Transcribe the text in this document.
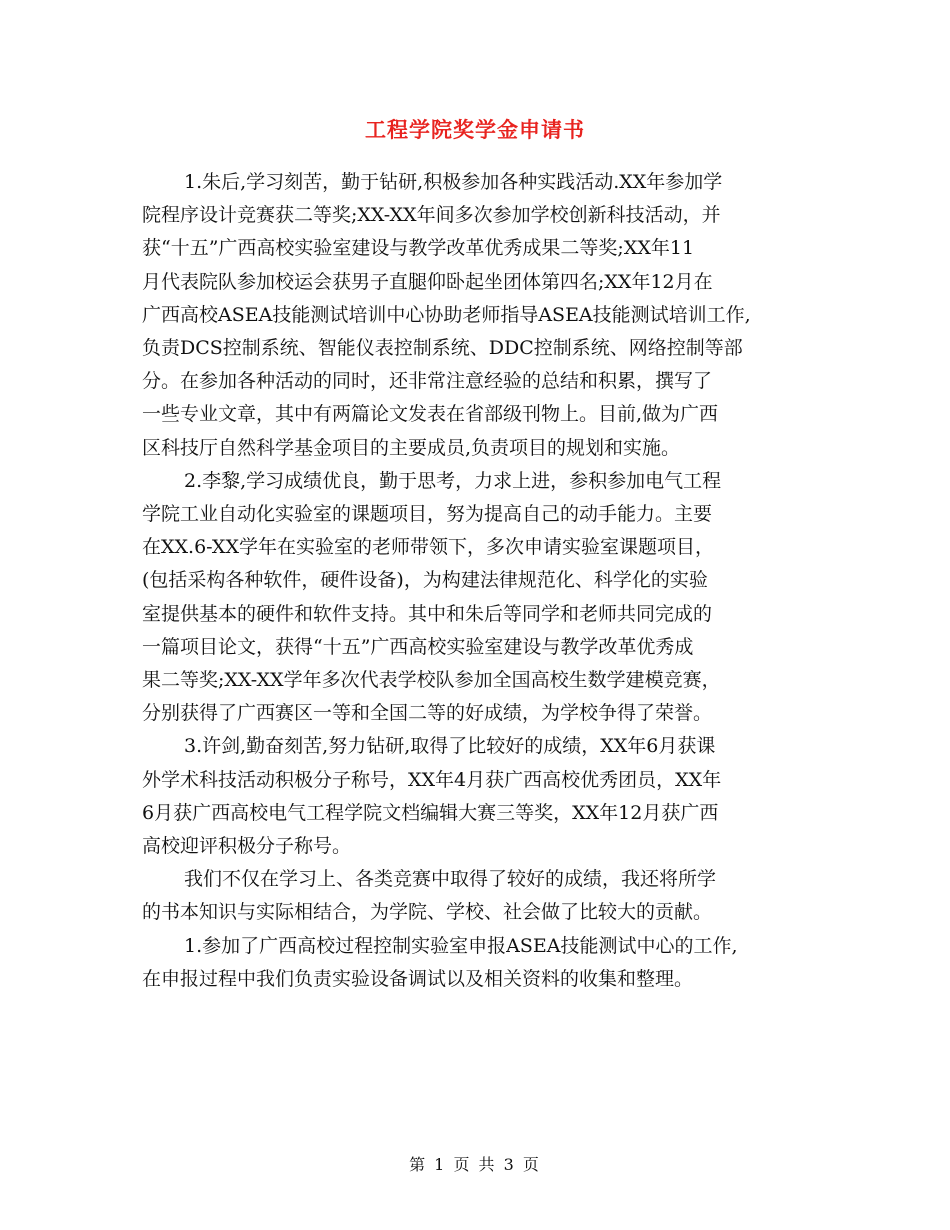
工程学院奖学金申请书

1.朱后,学习刻苦，勤于钻研,积极参加各种实践活动.XX年参加学
院程序设计竞赛获二等奖;XX-XX年间多次参加学校创新科技活动，并
获“十五”广西高校实验室建设与教学改革优秀成果二等奖;XX年11
月代表院队参加校运会获男子直腿仰卧起坐团体第四名;XX年12月在
广西高校ASEA技能测试培训中心协助老师指导ASEA技能测试培训工作,
负责DCS控制系统、智能仪表控制系统、DDC控制系统、网络控制等部
分。在参加各种活动的同时，还非常注意经验的总结和积累，撰写了
一些专业文章，其中有两篇论文发表在省部级刊物上。目前,做为广西
区科技厅自然科学基金项目的主要成员,负责项目的规划和实施。

2.李黎,学习成绩优良，勤于思考，力求上进，参积参加电气工程
学院工业自动化实验室的课题项目，努为提高自己的动手能力。主要
在XX.6-XX学年在实验室的老师带领下，多次申请实验室课题项目，
(包括采构各种软件，硬件设备)，为构建法律规范化、科学化的实验
室提供基本的硬件和软件支持。其中和朱后等同学和老师共同完成的
一篇项目论文，获得“十五”广西高校实验室建设与教学改革优秀成
果二等奖;XX-XX学年多次代表学校队参加全国高校生数学建模竞赛，
分别获得了广西赛区一等和全国二等的好成绩，为学校争得了荣誉。

3.许剑,勤奋刻苦,努力钻研,取得了比较好的成绩，XX年6月获课
外学术科技活动积极分子称号，XX年4月获广西高校优秀团员，XX年
6月获广西高校电气工程学院文档编辑大赛三等奖，XX年12月获广西
高校迎评积极分子称号。

我们不仅在学习上、各类竞赛中取得了较好的成绩，我还将所学
的书本知识与实际相结合，为学院、学校、社会做了比较大的贡献。

1.参加了广西高校过程控制实验室申报ASEA技能测试中心的工作,
在申报过程中我们负责实验设备调试以及相关资料的收集和整理。

第 1 页 共 3 页
